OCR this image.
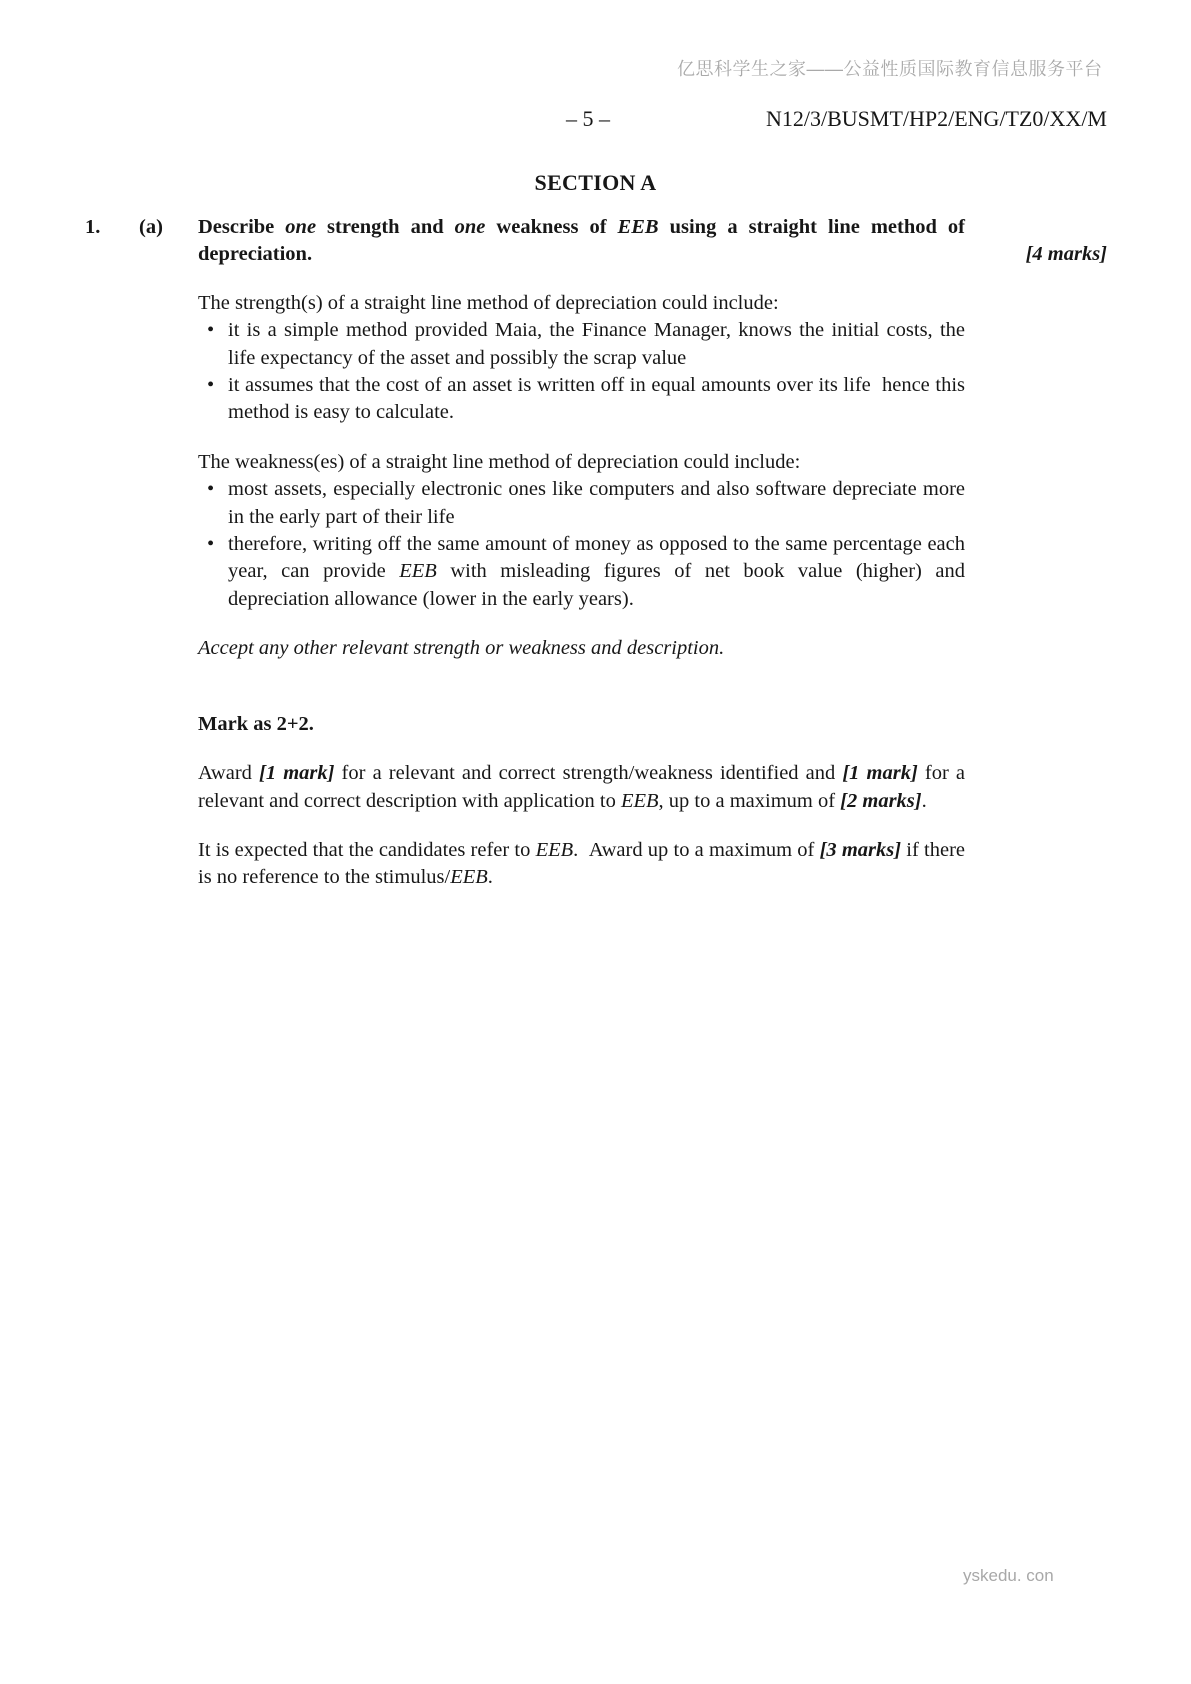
亿思科学生之家——公益性质国际教育信息服务平台
– 5 –	N12/3/BUSMT/HP2/ENG/TZ0/XX/M
SECTION A
1.	(a)	Describe one strength and one weakness of EEB using a straight line method of depreciation.	[4 marks]
The strength(s) of a straight line method of depreciation could include:
• it is a simple method provided Maia, the Finance Manager, knows the initial costs, the life expectancy of the asset and possibly the scrap value
• it assumes that the cost of an asset is written off in equal amounts over its life  hence this method is easy to calculate.
The weakness(es) of a straight line method of depreciation could include:
• most assets, especially electronic ones like computers and also software depreciate more in the early part of their life
• therefore, writing off the same amount of money as opposed to the same percentage each year, can provide EEB with misleading figures of net book value (higher) and depreciation allowance (lower in the early years).
Accept any other relevant strength or weakness and description.
Mark as 2+2.
Award [1 mark] for a relevant and correct strength/weakness identified and [1 mark] for a relevant and correct description with application to EEB, up to a maximum of [2 marks].
It is expected that the candidates refer to EEB.  Award up to a maximum of [3 marks] if there is no reference to the stimulus/EEB.
yskedu. con
